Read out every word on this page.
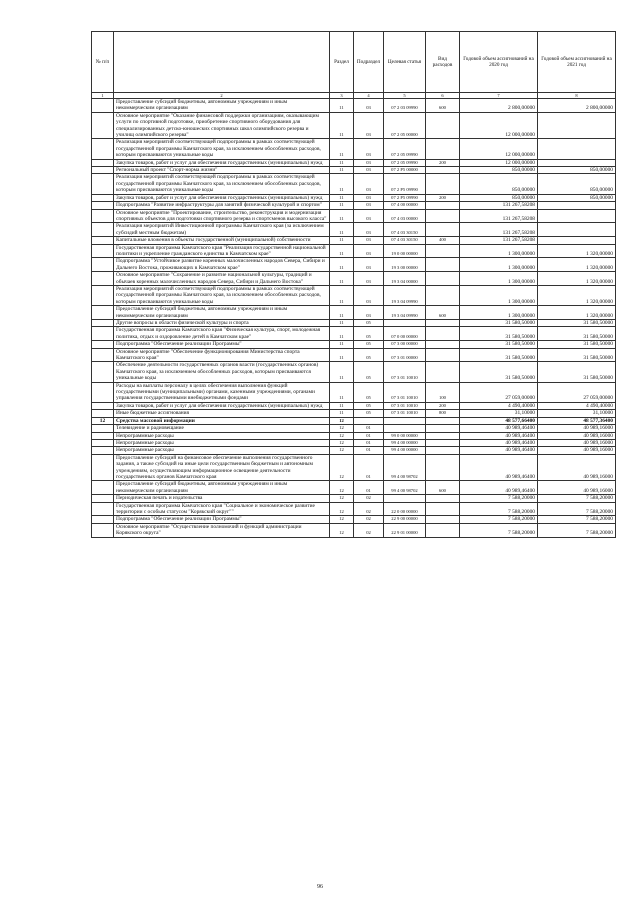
№ п/п		Раздел	Подраздел	Целевая статья	Вид расходов	Годовой объем ассигнований на 2020 год	Годовой объем ассигнований на 2021 год
1	2	3	4	5	6	7	8
	Предоставление субсидий бюджетным, автономным учреждениям и иным некоммерческим организациям	11	03	07 2 03 09990	600	2 800,00000	2 800,00000
	Основное мероприятие "Оказание финансовой поддержки организациям, оказывающим услуги по спортивной подготовке, приобретение спортивного оборудования для специализированных детско-юношеских спортивных школ олимпийского резерва и училищ олимпийского резерва"	11	03	07 2 05 00000		12 000,00000	
	Реализация мероприятий соответствующей подпрограммы в рамках соответствующей государственной программы Камчатского края, за исключением обособленных расходов, которым присваиваются уникальные коды	11	03	07 2 05 09990		12 000,00000	
	Закупка товаров, работ и услуг для обеспечения государственных (муниципальных) нужд	11	03	07 2 05 09990	200	12 000,00000	
	Региональный проект "Спорт-норма жизни"	11	03	07 2 P5 00000		850,00000	850,00000
	Реализация мероприятий соответствующей подпрограммы в рамках соответствующей государственной программы Камчатского края, за исключением обособленных расходов, которым присваиваются уникальные коды	11	03	07 2 P5 09990		850,00000	850,00000
	Закупка товаров, работ и услуг для обеспечения государственных (муниципальных) нужд	11	03	07 2 P5 09990	200	850,00000	850,00000
	Подпрограмма "Развитие инфраструктуры для занятий физической культурой и спортом"	11	03	07 4 00 00000		131 267,58208	
	Основное мероприятие "Проектирование, строительство, реконструкция и модернизация спортивных объектов для подготовки спортивного резерва и спортсменов высокого класса"	11	03	07 4 03 00000		131 267,58208	
	Реализация мероприятий Инвестиционной программы Камчатского края (за исключением субсидий местным бюджетам)	11	03	07 4 03 30150		131 267,58208	
	Капитальные вложения в объекты государственной (муниципальной) собственности	11	03	07 4 03 30150	400	131 267,58208	
	Государственная программа Камчатского края "Реализация государственной национальной политики и укрепление гражданского единства в Камчатском крае"	11	03	19 0 00 00000		1 300,00000	1 320,00000
	Подпрограмма "Устойчивое развитие коренных малочисленных народов Севера, Сибири и Дальнего Востока, проживающих в Камчатском крае"	11	03	19 3 00 00000		1 300,00000	1 320,00000
	Основное мероприятие "Сохранение и развитие национальной культуры, традиций и обычаев коренных малочисленных народов Севера, Сибири и Дальнего Востока"	11	03	19 3 04 00000		1 300,00000	1 320,00000
	Реализация мероприятий соответствующей подпрограммы в рамках соответствующей государственной программы Камчатского края, за исключением обособленных расходов, которым присваиваются уникальные коды	11	03	19 3 04 09990		1 300,00000	1 320,00000
	Предоставление субсидий бюджетным, автономным учреждениям и иным некоммерческим организациям	11	03	19 3 04 09990	600	1 300,00000	1 320,00000
	Другие вопросы в области физической культуры и спорта	11	05			31 580,50000	31 580,50000
	Государственная программа Камчатского края "Физическая культура, спорт, молодежная политика, отдых и оздоровление детей в Камчатском крае"	11	05	07 0 00 00000		31 580,50000	31 580,50000
	Подпрограмма "Обеспечение реализации Программы"	11	05	07 3 00 00000		31 580,50000	31 580,50000
	Основное мероприятие "Обеспечение функционирования Министерства спорта Камчатского края"	11	05	07 3 01 00000		31 580,50000	31 580,50000
	Обеспечение деятельности государственных органов власти (государственных органов) Камчатского края, за исключением обособленных расходов, которым присваиваются уникальные коды	11	05	07 3 01 10010		31 580,50000	31 580,50000
	Расходы на выплаты персоналу в целях обеспечения выполнения функций государственными (муниципальными) органами, казенными учреждениями, органами управления государственными внебюджетными фондами	11	05	07 3 01 10010	100	27 059,00000	27 059,00000
	Закупка товаров, работ и услуг для обеспечения государственных (муниципальных) нужд	11	05	07 3 01 10010	200	4 490,40000	4 490,40000
	Иные бюджетные ассигнования	11	05	07 3 01 10010	800	31,10000	31,10000
12	Средства массовой информации	12				48 577,66400	48 577,36400
	Телевидение и радиовещание	12	01			40 989,46400	40 989,16000
	Непрограммные расходы	12	01	99 0 00 00000		40 989,46400	40 989,16000
	Непрограммные расходы	12	01	99 4 00 00000		40 989,46400	40 989,16000
	Непрограммные расходы	12	01	99 4 00 00000		40 989,46400	40 989,16000
	Предоставление субсидий на финансовое обеспечение выполнения государственного задания, а также субсидий на иные цели государственным бюджетным и автономным учреждениям, осуществляющим информационное освещение деятельности государственных органов Камчатского края	12	01	99 4 00 98702		40 989,46400	40 989,16000
	Предоставление субсидий бюджетным, автономным учреждениям и иным некоммерческим организациям	12	01	99 4 00 98702	600	40 989,46400	40 989,16000
	Периодическая печать и издательства	12	02			7 588,20000	7 588,20000
	Государственная программа Камчатского края "Социальное и экономическое развитие территории с особым статусом "Корякский округ""	12	02	22 0 00 00000		7 588,20000	7 588,20000
	Подпрограмма "Обеспечение реализации Программы"	12	02	22 9 00 00000		7 588,20000	7 588,20000
	Основное мероприятие "Осуществление полномочий и функций администрации Корякского округа"	12	02	22 9 01 00000		7 588,20000	7 588,20000
96
